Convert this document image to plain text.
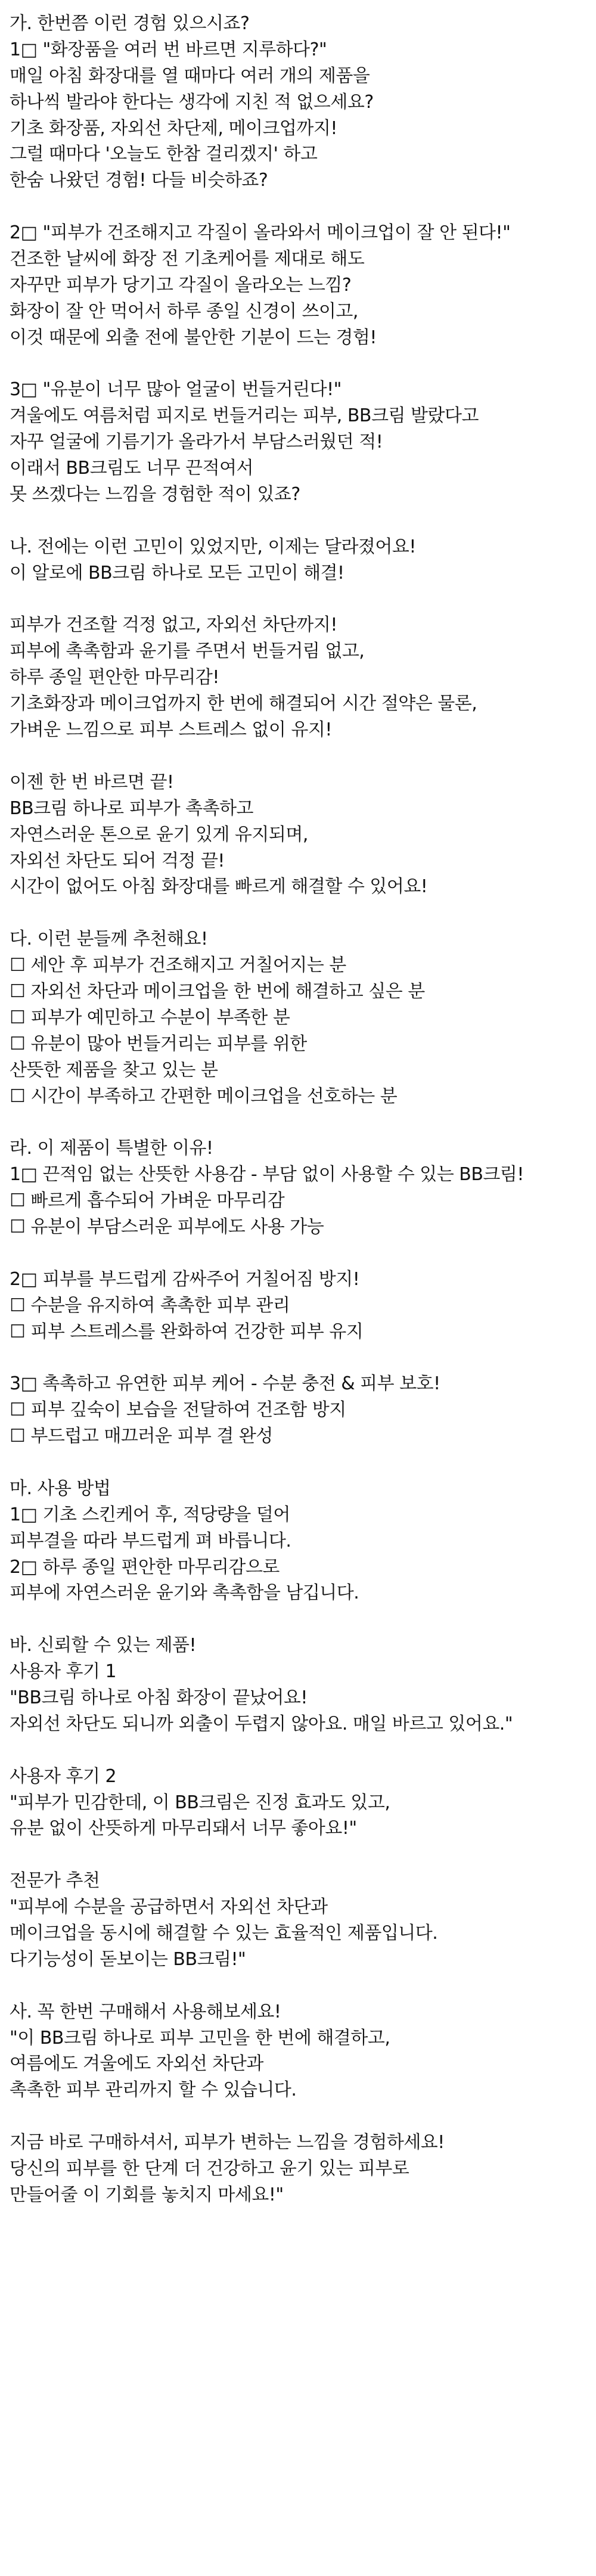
가. 한번쯤 이런 경험 있으시죠?
1□ "화장품을 여러 번 바르면 지루하다?"
매일 아침 화장대를 열 때마다 여러 개의 제품을
하나씩 발라야 한다는 생각에 지친 적 없으세요?
기초 화장품, 자외선 차단제, 메이크업까지!
그럴 때마다 '오늘도 한참 걸리겠지' 하고
한숨 나왔던 경험! 다들 비슷하죠?
2□ "피부가 건조해지고 각질이 올라와서 메이크업이 잘 안 된다!"
건조한 날씨에 화장 전 기초케어를 제대로 해도
자꾸만 피부가 당기고 각질이 올라오는 느낌?
화장이 잘 안 먹어서 하루 종일 신경이 쓰이고,
이것 때문에 외출 전에 불안한 기분이 드는 경험!
3□ "유분이 너무 많아 얼굴이 번들거린다!"
겨울에도 여름처럼 피지로 번들거리는 피부, BB크림 발랐다고
자꾸 얼굴에 기름기가 올라가서 부담스러웠던 적!
이래서 BB크림도 너무 끈적여서
못 쓰겠다는 느낌을 경험한 적이 있죠?
나. 전에는 이런 고민이 있었지만, 이제는 달라졌어요!
이 알로에 BB크림 하나로 모든 고민이 해결!
피부가 건조할 걱정 없고, 자외선 차단까지!
피부에 촉촉함과 윤기를 주면서 번들거림 없고,
하루 종일 편안한 마무리감!
기초화장과 메이크업까지 한 번에 해결되어 시간 절약은 물론,
가벼운 느낌으로 피부 스트레스 없이 유지!
이젠 한 번 바르면 끝!
BB크림 하나로 피부가 촉촉하고
자연스러운 톤으로 윤기 있게 유지되며,
자외선 차단도 되어 걱정 끝!
시간이 없어도 아침 화장대를 빠르게 해결할 수 있어요!
다. 이런 분들께 추천해요!
☐ 세안 후 피부가 건조해지고 거칠어지는 분
☐ 자외선 차단과 메이크업을 한 번에 해결하고 싶은 분
☐ 피부가 예민하고 수분이 부족한 분
☐ 유분이 많아 번들거리는 피부를 위한
산뜻한 제품을 찾고 있는 분
☐ 시간이 부족하고 간편한 메이크업을 선호하는 분
라. 이 제품이 특별한 이유!
1□ 끈적임 없는 산뜻한 사용감 - 부담 없이 사용할 수 있는 BB크림!
☐ 빠르게 흡수되어 가벼운 마무리감
☐ 유분이 부담스러운 피부에도 사용 가능
2□ 피부를 부드럽게 감싸주어 거칠어짐 방지!
☐ 수분을 유지하여 촉촉한 피부 관리
☐ 피부 스트레스를 완화하여 건강한 피부 유지
3□ 촉촉하고 유연한 피부 케어 - 수분 충전 & 피부 보호!
☐ 피부 깊숙이 보습을 전달하여 건조함 방지
☐ 부드럽고 매끄러운 피부 결 완성
마. 사용 방법
1□ 기초 스킨케어 후, 적당량을 덜어
피부결을 따라 부드럽게 펴 바릅니다.
2□ 하루 종일 편안한 마무리감으로
피부에 자연스러운 윤기와 촉촉함을 남깁니다.
바. 신뢰할 수 있는 제품!
사용자 후기 1
"BB크림 하나로 아침 화장이 끝났어요!
자외선 차단도 되니까 외출이 두렵지 않아요. 매일 바르고 있어요."
사용자 후기 2
"피부가 민감한데, 이 BB크림은 진정 효과도 있고,
유분 없이 산뜻하게 마무리돼서 너무 좋아요!"
전문가 추천
"피부에 수분을 공급하면서 자외선 차단과
메이크업을 동시에 해결할 수 있는 효율적인 제품입니다.
다기능성이 돋보이는 BB크림!"
사. 꼭 한번 구매해서 사용해보세요!
"이 BB크림 하나로 피부 고민을 한 번에 해결하고,
여름에도 겨울에도 자외선 차단과
촉촉한 피부 관리까지 할 수 있습니다.
지금 바로 구매하셔서, 피부가 변하는 느낌을 경험하세요!
당신의 피부를 한 단계 더 건강하고 윤기 있는 피부로
만들어줄 이 기회를 놓치지 마세요!"
